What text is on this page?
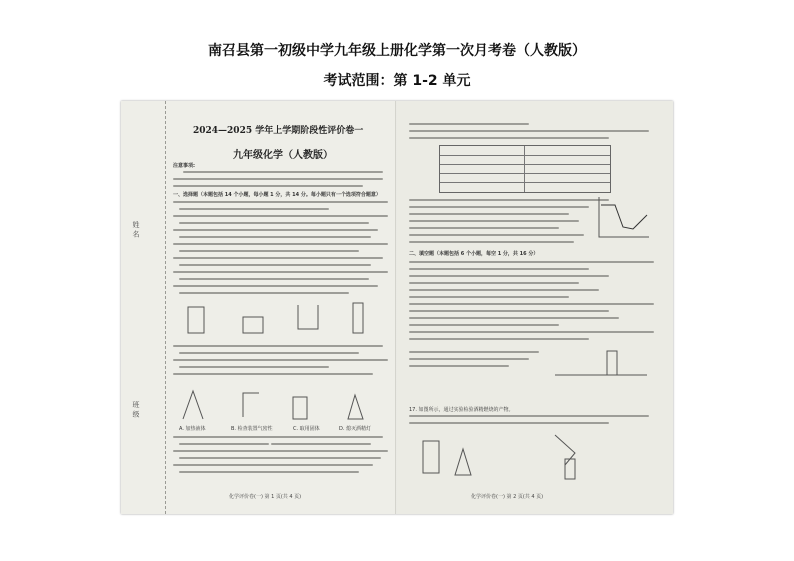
南召县第一初级中学九年级上册化学第一次月考卷（人教版）
考试范围：第 1-2 单元
姓 名
班 级
2024—2025 学年上学期阶段性评价卷一
九年级化学（人教版）
注意事项:
一、选择题（本题包括 14 个小题，每小题 1 分，共 14 分。每小题只有一个选项符合题意）
A. 加热液体	B. 检查装置气密性	C. 取用固体	D. 熄灭酒精灯
化学评价卷(一) 第 1 页(共 4 页)
二、填空题（本题包括 6 个小题，每空 1 分，共 16 分）
17. 如图所示，通过实验检验酒精燃烧的产物。
化学评价卷(一) 第 2 页(共 4 页)
